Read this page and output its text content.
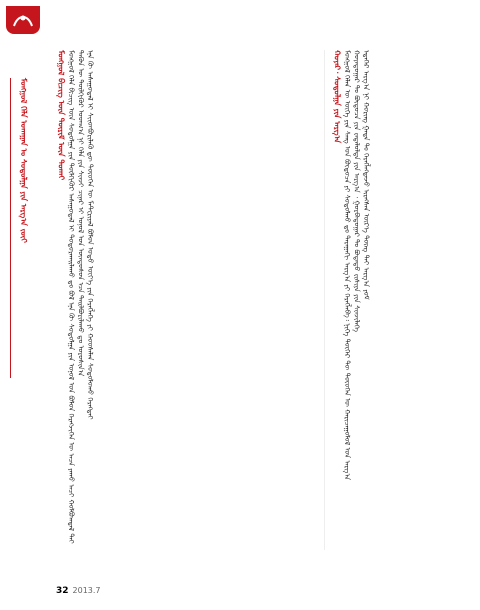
ᠮᠣᠩᠭᠣᠯ ᠬᠡᠯᠡ ᠤᠬᠠᠭᠠᠨ ᠤ ᠰᠤᠳᠤᠯᠭᠠ ᠶᠢᠨ ᠠᠷᠭ᠎ᠠ ᠵᠦᠢ	ᠮᠣᠩᠭᠣᠯ ᠪᠢᠴᠢᠭ ᠦᠨ ᠳᠦᠷᠢᠮ ᠦᠨ ᠲᠤᠬᠠᠢ ᠮᠣᠩᠭᠣᠯ ᠬᠡᠯᠡ ᠪᠢᠴᠢᠭ ᠦᠨ ᠰᠤᠳᠤᠯᠭᠠ ᠶᠢᠨ ᠲᠦᠯᠬᠢᠭᠦᠷ ᠠᠰᠠᠭᠤᠳᠠᠯ ᠢ ᠲᠣᠳᠣᠷᠬᠠᠢᠯᠠᠬᠤ ᠳᠤ ᠪᠣᠯ ᠡᠨᠡ ᠬᠦ ᠰᠤᠳᠤᠯᠭᠠ ᠶᠢᠨ ᠣᠨᠣᠯ ᠤᠨ ᠪᠣᠯᠤᠨ ᠬᠡᠷᠡᠭᠵᠢᠭᠡᠨ ᠦ ᠠᠴᠠ ᠶᠠᠬᠤ ᠠᠴᠢ ᠬᠣᠯᠪᠣᠭᠳᠠᠯ ᠲᠠᠢ ᠲᠡᠭᠦᠨ ᠦ ᠲᠦᠯᠬᠢᠭᠦᠷ ᠤᠳᠬ᠎ᠠ ᠨᠢ ᠬᠡᠯᠡ ᠶᠢᠨ ᠰᠢᠨᠵᠢ ᠴᠢᠨᠠᠷ ᠢ ᠣᠨᠣᠯ ᠤᠨ ᠦᠨᠳᠦᠰᠦᠨ ᠡᠴᠡ ᠲᠠᠢᠯᠪᠣᠷᠢᠯᠠᠬᠤ ᠳᠤ ᠣᠷᠣᠰᠢᠨ᠎ᠠ ᠡᠨᠡ ᠬᠦ ᠠᠰᠠᠭᠤᠳᠠᠯ ᠢ ᠰᠢᠢᠳᠪᠦᠷᠢᠯᠡᠬᠦ ᠳᠦ ᠲᠦᠦᠬᠡᠨ ᠦ ᠮᠠᠲ᠋ᠧᠷᠢᠶᠠᠯ ᠪᠣᠯᠤᠨ ᠣᠳᠣ ᠦᠶ᠎ᠡ ᠶᠢᠨ ᠬᠡᠷᠡᠭᠯᠡᠭᠡ ᠶᠢ ᠬᠣᠣᠰᠠᠯᠠᠨ ᠰᠤᠳᠤᠯᠤᠬᠤ ᠬᠡᠷᠡᠭᠲᠡᠢ	ᠬᠣᠶᠠᠷ᠂ ᠰᠤᠳᠤᠯᠭᠠ ᠶᠢᠨ ᠠᠷᠭ᠎ᠠ ᠮᠣᠩᠭᠣᠯ ᠬᠡᠯᠡᠨ ᠦ ᠦᠭᠡ ᠶᠢᠨ ᠰᠠᠩ ᠤᠨ ᠪᠦᠲᠦᠴᠡ ᠶᠢ ᠰᠤᠳᠤᠯᠬᠤ ᠳᠤ ᠳᠠᠷᠠᠭᠠᠬᠢ ᠠᠷᠭ᠎ᠠ ᠶᠢ ᠬᠡᠷᠡᠭᠯᠡᠪᠡ᠄ ᠨᠢᠭᠡ ᠳᠦᠭᠡᠷ ᠲᠦ ᠲᠦᠦᠬᠡᠨ ᠦ ᠬᠠᠷᠢᠴᠠᠭᠤᠯᠤᠯ ᠤᠨ ᠠᠷᠭ᠎ᠠ ᠬᠣᠶᠠᠳᠤᠭᠠᠷ ᠲᠤ ᠪᠦᠲᠦᠴᠡ ᠶᠢᠨ ᠵᠠᠳᠠᠯᠤᠯᠲᠠ ᠶᠢᠨ ᠠᠷᠭ᠎ᠠ ᠂ ᠭᠤᠷᠪᠠᠳᠤᠭᠠᠷ ᠲᠤ ᠪᠣᠳᠠᠲᠤ ᠵᠢᠱᠢᠶᠡ ᠶᠢᠨ ᠰᠢᠨᠵᠢᠯᠡᠭᠡ ᠡᠳᠡᠭᠡᠷ ᠠᠷᠭ᠎ᠠ ᠨᠢ ᠬᠣᠷᠢᠩ ᠭᠠᠳᠠ ᠲᠤ ᠬᠡᠷᠡᠭᠯᠡᠭᠳᠡᠵᠦ ᠢᠷᠡᠭᠰᠡᠨ ᠦᠷ᠎ᠡ ᠳᠦᠩ ᠲᠡᠢ ᠠᠷᠭ᠎ᠠ ᠶᠤᠮ
32 2013.7
